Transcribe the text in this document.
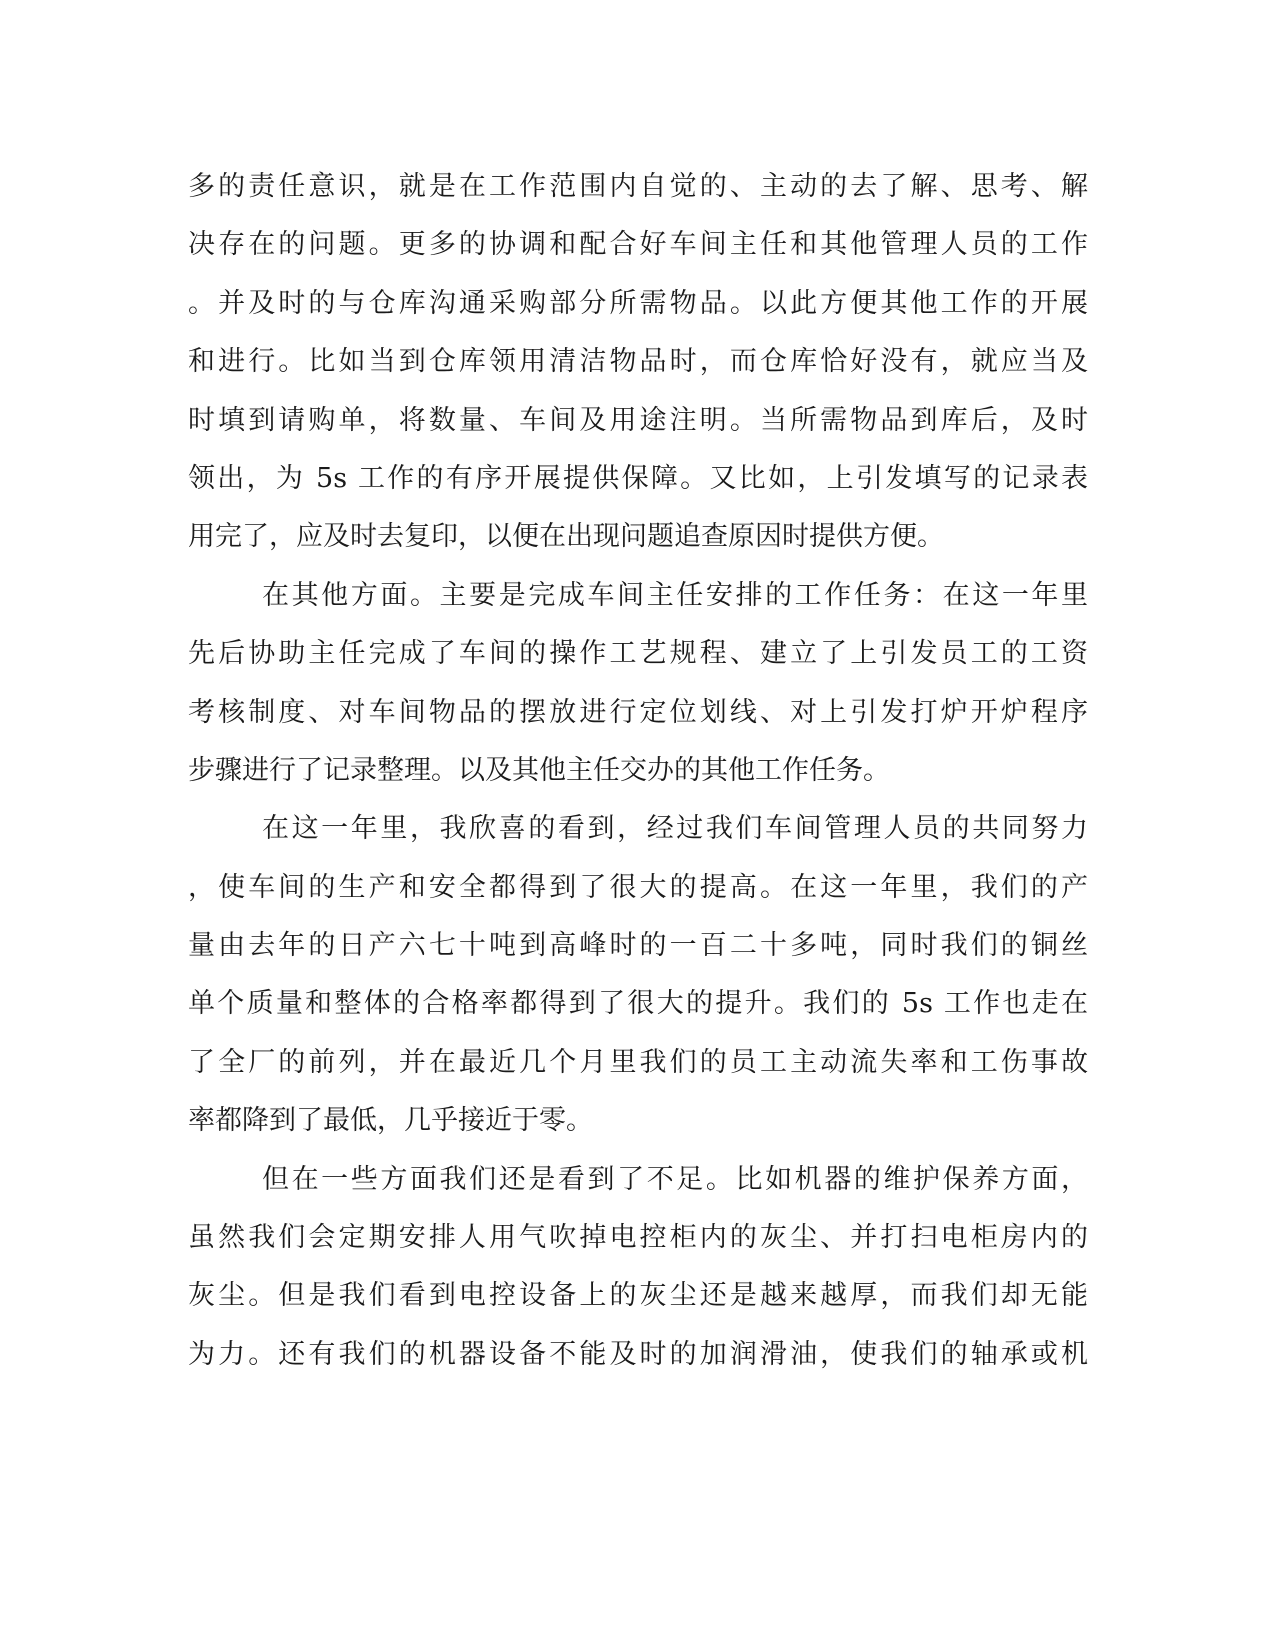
多的责任意识，就是在工作范围内自觉的、主动的去了解、思考、解
决存在的问题。更多的协调和配合好车间主任和其他管理人员的工作
。并及时的与仓库沟通采购部分所需物品。以此方便其他工作的开展
和进行。比如当到仓库领用清洁物品时，而仓库恰好没有，就应当及
时填到请购单，将数量、车间及用途注明。当所需物品到库后，及时
领出，为 5s 工作的有序开展提供保障。又比如，上引发填写的记录表
用完了，应及时去复印，以便在出现问题追查原因时提供方便。
在其他方面。主要是完成车间主任安排的工作任务：在这一年里
先后协助主任完成了车间的操作工艺规程、建立了上引发员工的工资
考核制度、对车间物品的摆放进行定位划线、对上引发打炉开炉程序
步骤进行了记录整理。以及其他主任交办的其他工作任务。
在这一年里，我欣喜的看到，经过我们车间管理人员的共同努力
，使车间的生产和安全都得到了很大的提高。在这一年里，我们的产
量由去年的日产六七十吨到高峰时的一百二十多吨，同时我们的铜丝
单个质量和整体的合格率都得到了很大的提升。我们的 5s 工作也走在
了全厂的前列，并在最近几个月里我们的员工主动流失率和工伤事故
率都降到了最低，几乎接近于零。
但在一些方面我们还是看到了不足。比如机器的维护保养方面，
虽然我们会定期安排人用气吹掉电控柜内的灰尘、并打扫电柜房内的
灰尘。但是我们看到电控设备上的灰尘还是越来越厚，而我们却无能
为力。还有我们的机器设备不能及时的加润滑油，使我们的轴承或机
